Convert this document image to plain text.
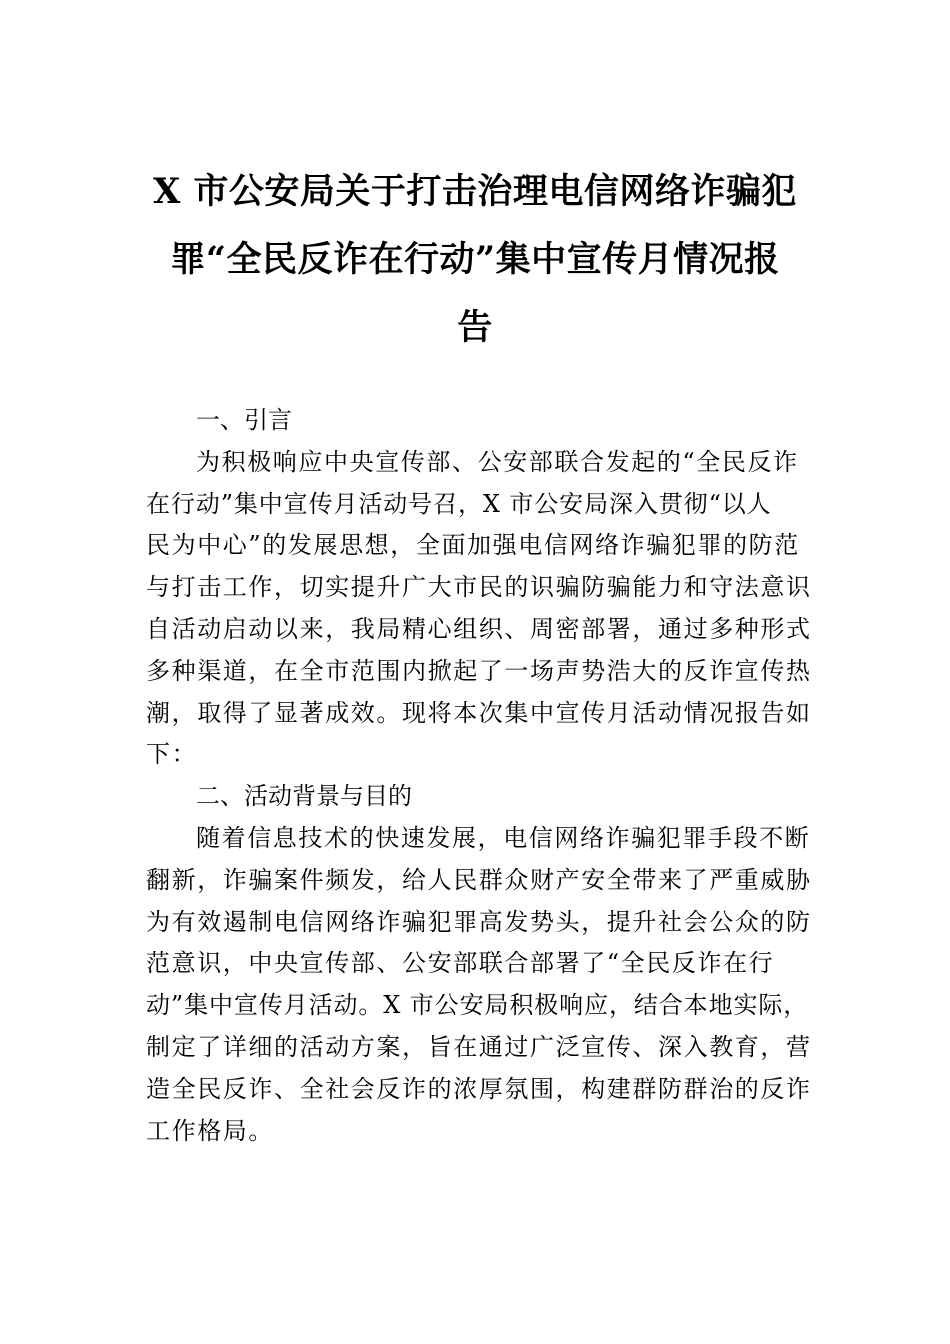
X 市公安局关于打击治理电信网络诈骗犯
罪“全民反诈在行动”集中宣传月情况报
告
一、引言
为积极响应中央宣传部、公安部联合发起的“全民反诈
在行动”集中宣传月活动号召，X 市公安局深入贯彻“以人
民为中心”的发展思想，全面加强电信网络诈骗犯罪的防范
与打击工作，切实提升广大市民的识骗防骗能力和守法意识
自活动启动以来，我局精心组织、周密部署，通过多种形式
多种渠道，在全市范围内掀起了一场声势浩大的反诈宣传热
潮，取得了显著成效。现将本次集中宣传月活动情况报告如
下：
二、活动背景与目的
随着信息技术的快速发展，电信网络诈骗犯罪手段不断
翻新，诈骗案件频发，给人民群众财产安全带来了严重威胁
为有效遏制电信网络诈骗犯罪高发势头，提升社会公众的防
范意识，中央宣传部、公安部联合部署了“全民反诈在行
动”集中宣传月活动。X 市公安局积极响应，结合本地实际，
制定了详细的活动方案，旨在通过广泛宣传、深入教育，营
造全民反诈、全社会反诈的浓厚氛围，构建群防群治的反诈
工作格局。
